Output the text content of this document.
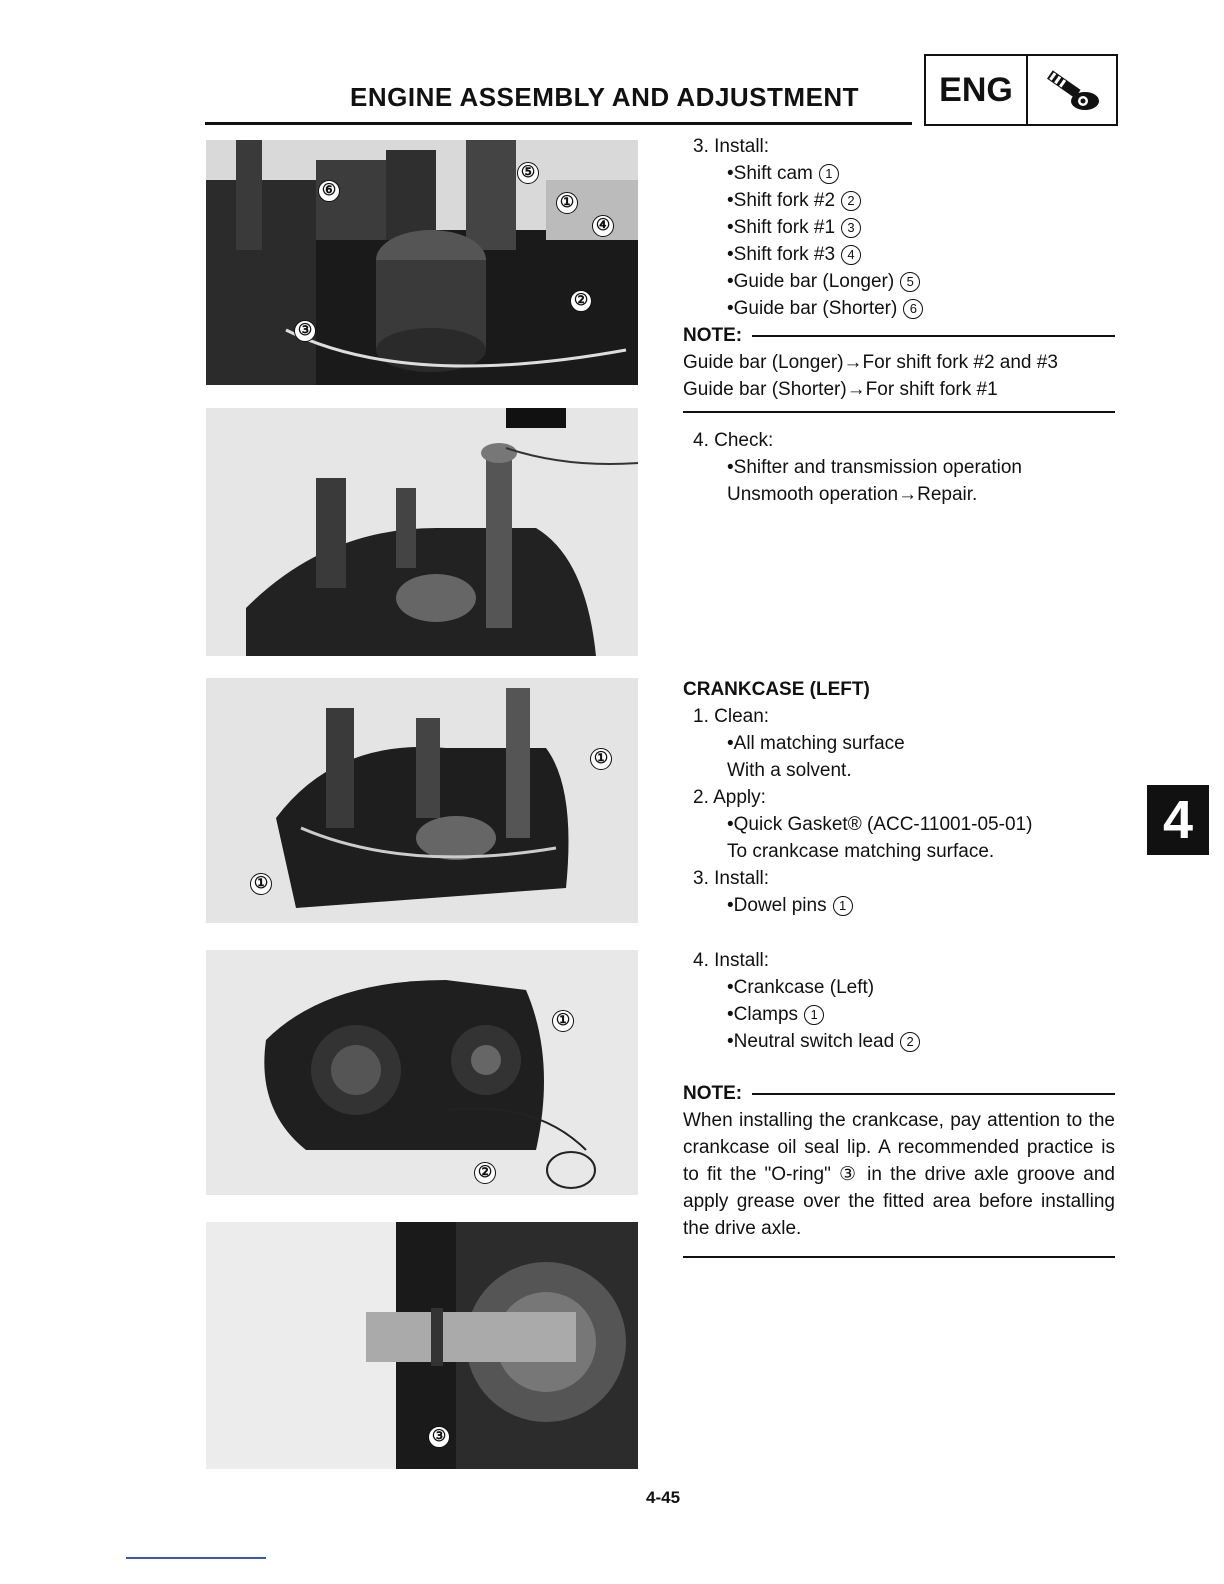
ENGINE ASSEMBLY AND ADJUSTMENT	ENG
⑥
⑤
①
④
②
③
①
①
①
②
③
3. Install:
•Shift cam 1
•Shift fork #2 2
•Shift fork #1 3
•Shift fork #3 4
•Guide bar (Longer) 5
•Guide bar (Shorter) 6
NOTE:
Guide bar (Longer)→For shift fork #2 and #3
Guide bar (Shorter)→For shift fork #1
4. Check:
•Shifter and transmission operation
Unsmooth operation→Repair.
CRANKCASE (LEFT)
1. Clean:
•All matching surface
With a solvent.
2. Apply:
•Quick Gasket® (ACC-11001-05-01)
To crankcase matching surface.
3. Install:
•Dowel pins 1
4. Install:
•Crankcase (Left)
•Clamps 1
•Neutral switch lead 2
NOTE:
When installing the crankcase, pay attention to the crankcase oil seal lip. A recommended practice is to fit the "O-ring" ③ in the drive axle groove and apply grease over the fitted area before installing the drive axle.
4
4-45
